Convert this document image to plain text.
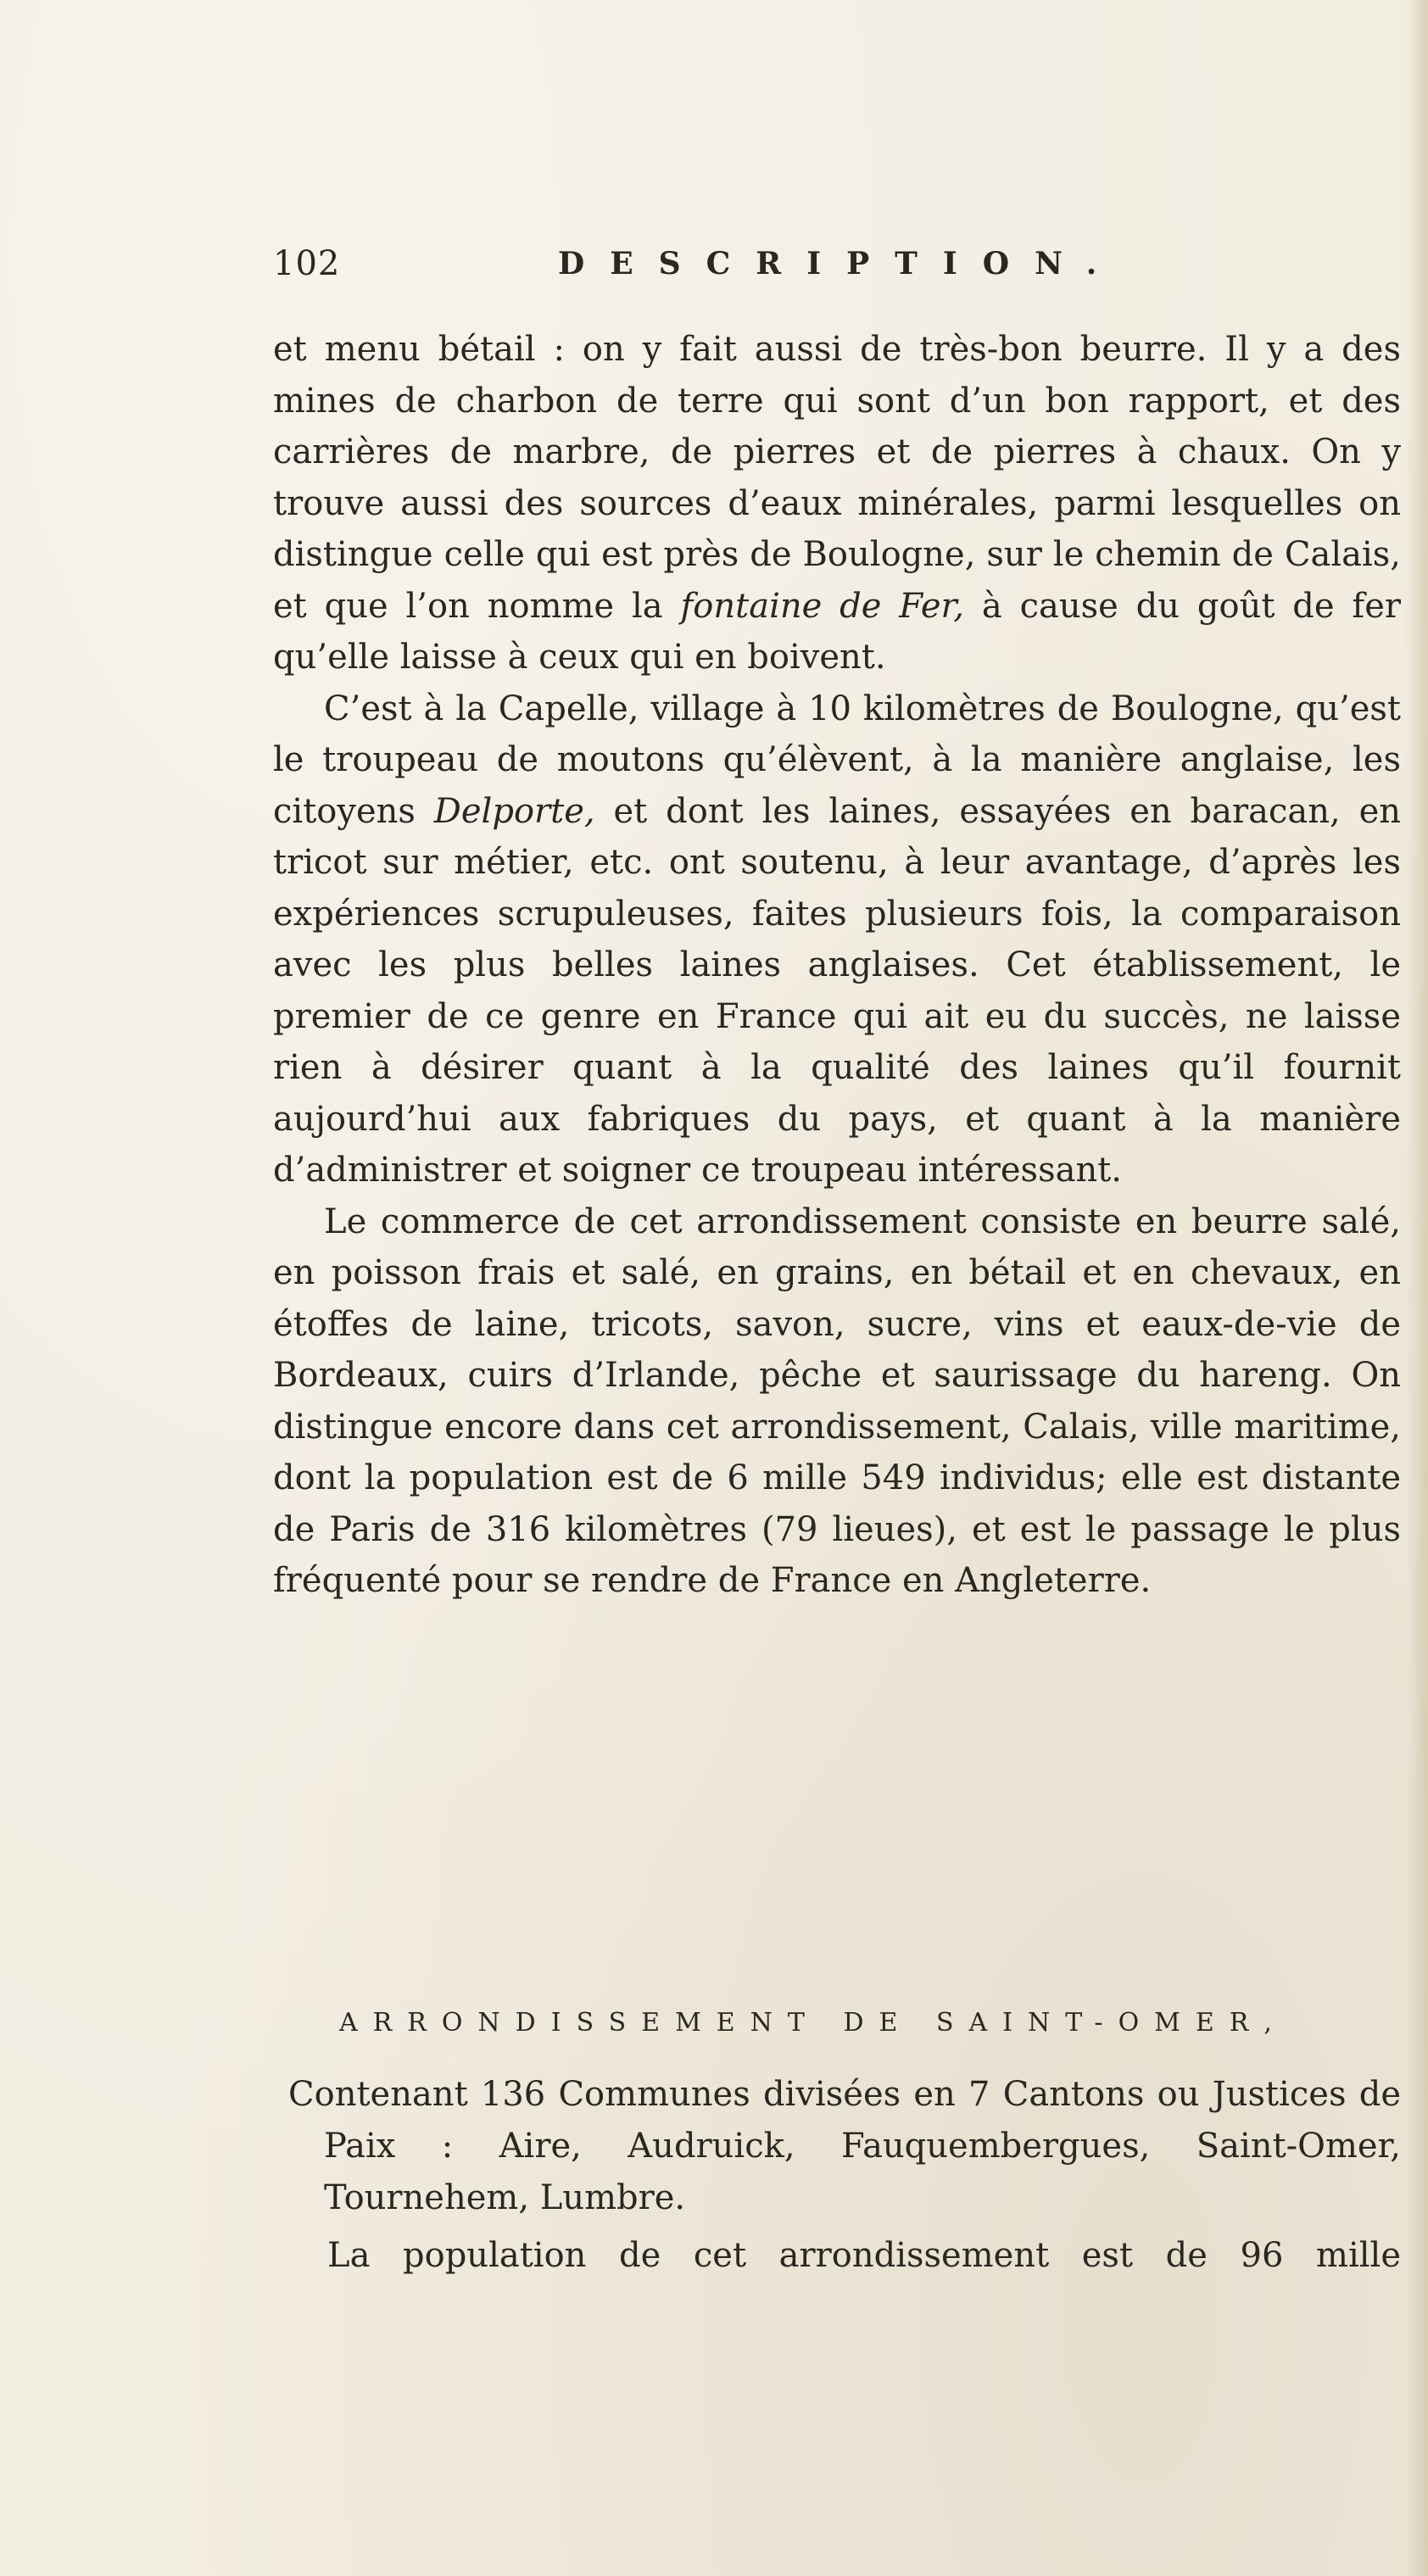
102	DESCRIPTION.

et menu bétail : on y fait aussi de très-bon beurre. Il y a des mines de charbon de terre qui sont d’un bon rapport, et des carrières de marbre, de pierres et de pierres à chaux. On y trouve aussi des sources d’eaux minérales, parmi lesquelles on distingue celle qui est près de Boulogne, sur le chemin de Calais, et que l’on nomme la fontaine de Fer, à cause du goût de fer qu’elle laisse à ceux qui en boivent.

C’est à la Capelle, village à 10 kilomètres de Boulogne, qu’est le troupeau de moutons qu’élèvent, à la manière anglaise, les citoyens Delporte, et dont les laines, essayées en baracan, en tricot sur métier, etc. ont soutenu, à leur avantage, d’après les expériences scrupuleuses, faites plusieurs fois, la comparaison avec les plus belles laines anglaises. Cet établissement, le premier de ce genre en France qui ait eu du succès, ne laisse rien à désirer quant à la qualité des laines qu’il fournit aujourd’hui aux fabriques du pays, et quant à la manière d’administrer et soigner ce troupeau intéressant.

Le commerce de cet arrondissement consiste en beurre salé, en poisson frais et salé, en grains, en bétail et en chevaux, en étoffes de laine, tricots, savon, sucre, vins et eaux-de-vie de Bordeaux, cuirs d’Irlande, pêche et saurissage du hareng. On distingue encore dans cet arrondissement, Calais, ville maritime, dont la population est de 6 mille 549 individus; elle est distante de Paris de 316 kilomètres (79 lieues), et est le passage le plus fréquenté pour se rendre de France en Angleterre.

ARRONDISSEMENT DE SAINT-OMER,
Contenant 136 Communes divisées en 7 Cantons ou Justices de Paix : Aire, Audruick, Fauquembergues, Saint-Omer, Tournehem, Lumbre.
La population de cet arrondissement est de 96 mille
